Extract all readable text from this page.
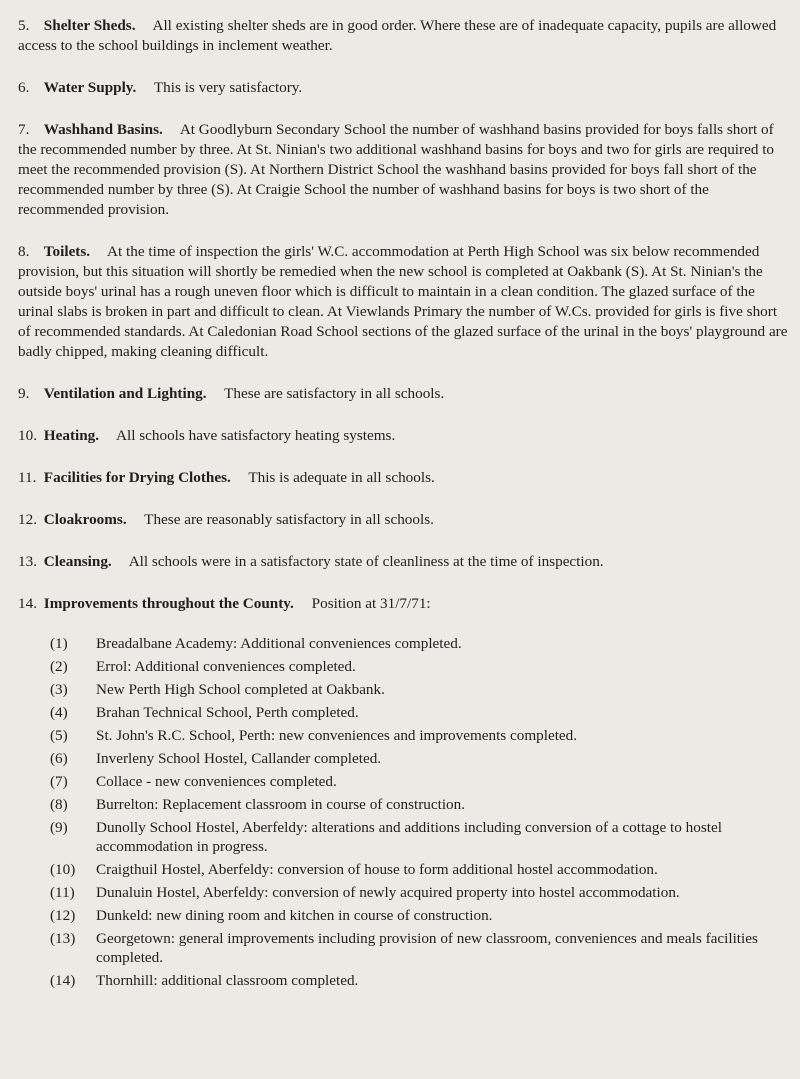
5. Shelter Sheds. All existing shelter sheds are in good order. Where these are of inadequate capacity, pupils are allowed access to the school buildings in inclement weather.

6. Water Supply. This is very satisfactory.

7. Washhand Basins. At Goodlyburn Secondary School the number of washhand basins provided for boys falls short of the recommended number by three. At St. Ninian's two additional washhand basins for boys and two for girls are required to meet the recommended provision (S). At Northern District School the washhand basins provided for boys fall short of the recommended number by three (S). At Craigie School the number of washhand basins for boys is two short of the recommended provision.

8. Toilets. At the time of inspection the girls' W.C. accommodation at Perth High School was six below recommended provision, but this situation will shortly be remedied when the new school is completed at Oakbank (S). At St. Ninian's the outside boys' urinal has a rough uneven floor which is difficult to maintain in a clean condition. The glazed surface of the urinal slabs is broken in part and difficult to clean. At Viewlands Primary the number of W.Cs. provided for girls is five short of recommended standards. At Caledonian Road School sections of the glazed surface of the urinal in the boys' playground are badly chipped, making cleaning difficult.

9. Ventilation and Lighting. These are satisfactory in all schools.

10. Heating. All schools have satisfactory heating systems.

11. Facilities for Drying Clothes. This is adequate in all schools.

12. Cloakrooms. These are reasonably satisfactory in all schools.

13. Cleansing. All schools were in a satisfactory state of cleanliness at the time of inspection.

14. Improvements throughout the County. Position at 31/7/71:

(1)	Breadalbane Academy: Additional conveniences completed.
(2)	Errol: Additional conveniences completed.
(3)	New Perth High School completed at Oakbank.
(4)	Brahan Technical School, Perth completed.
(5)	St. John's R.C. School, Perth: new conveniences and improvements completed.
(6)	Inverleny School Hostel, Callander completed.
(7)	Collace - new conveniences completed.
(8)	Burrelton: Replacement classroom in course of construction.
(9)	Dunolly School Hostel, Aberfeldy: alterations and additions including conversion of a cottage to hostel accommodation in progress.
(10)	Craigthuil Hostel, Aberfeldy: conversion of house to form additional hostel accommodation.
(11)	Dunaluin Hostel, Aberfeldy: conversion of newly acquired property into hostel accommodation.
(12)	Dunkeld: new dining room and kitchen in course of construction.
(13)	Georgetown: general improvements including provision of new classroom, conveniences and meals facilities completed.
(14)	Thornhill: additional classroom completed.
